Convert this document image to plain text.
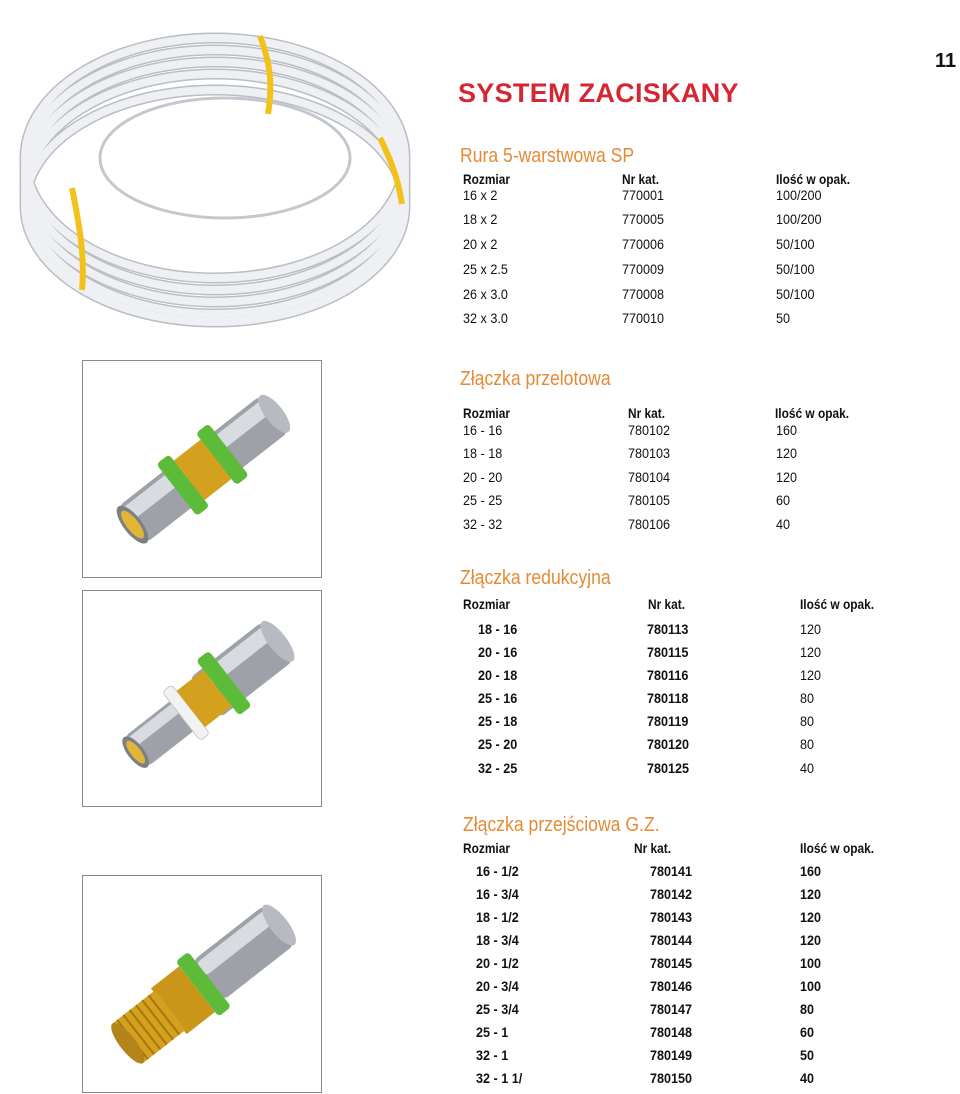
11
SYSTEM ZACISKANY
Rura 5-warstwowa SP
Rozmiar	Nr kat.	Ilość w opak.
16 x 2	770001	100/200
18 x 2	770005	100/200
20 x 2	770006	50/100
25 x 2.5	770009	50/100
26 x 3.0	770008	50/100
32 x 3.0	770010	50
Złączka przelotowa
Rozmiar	Nr kat.	Ilość w opak.
16 - 16	780102	160
18 - 18	780103	120
20 - 20	780104	120
25 - 25	780105	60
32 - 32	780106	40
Złączka redukcyjna
Rozmiar	Nr kat.	Ilość w opak.
18 - 16	780113	120
20 - 16	780115	120
20 - 18	780116	120
25 - 16	780118	80
25 - 18	780119	80
25 - 20	780120	80
32 - 25	780125	40
Złączka przejściowa G.Z.
Rozmiar	Nr kat.	Ilość w opak.
16 - 1/2	780141	160
16 - 3/4	780142	120
18 - 1/2	780143	120
18 - 3/4	780144	120
20 - 1/2	780145	100
20 - 3/4	780146	100
25 - 3/4	780147	80
25 - 1	780148	60
32 - 1	780149	50
32 - 1 1/	780150	40
